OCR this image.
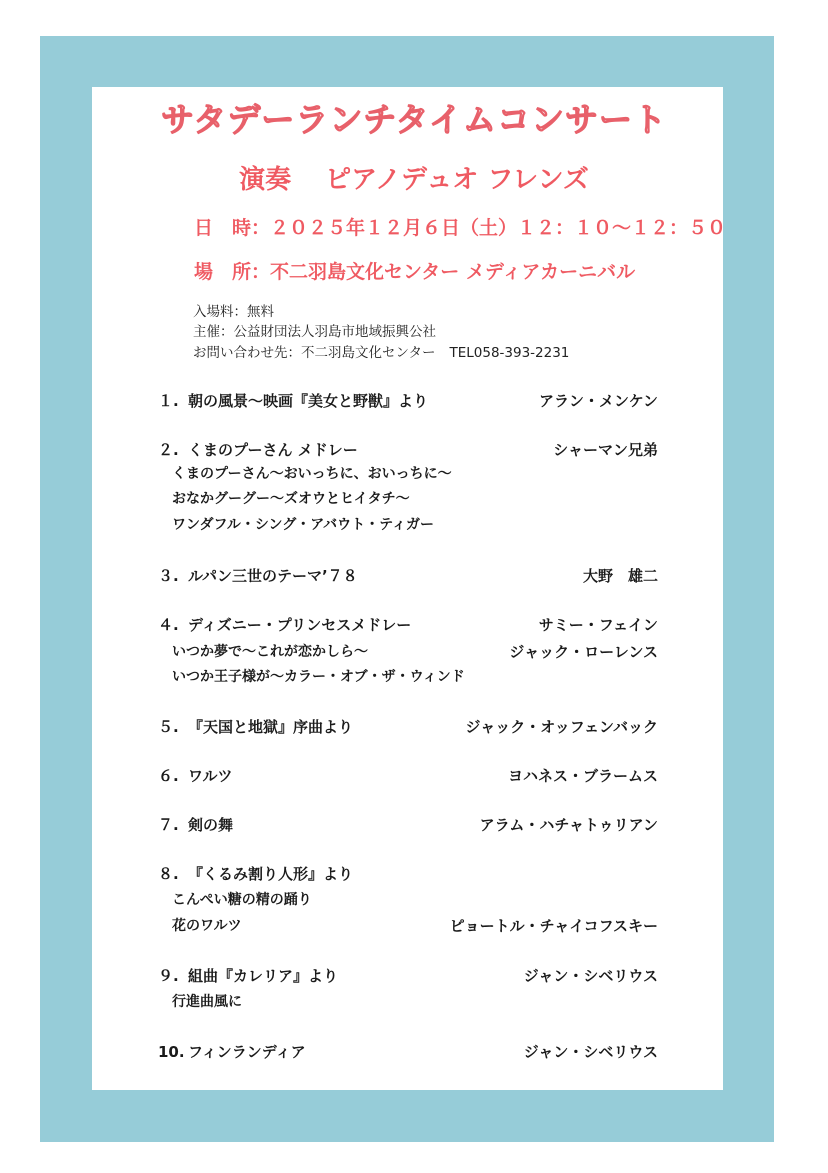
サタデーランチタイムコンサート
演奏 ピアノデュオ フレンズ
日　時：２０２５年１２月６日（土）１２：１０～１２：５０
場　所：不二羽島文化センター メディアカーニバル
入場料：無料
主催：公益財団法人羽島市地域振興公社
お問い合わせ先：不二羽島文化センター TEL058-393-2231
１. 朝の風景～映画『美女と野獣』より	アラン・メンケン
２. くまのプーさん メドレー	シャーマン兄弟
くまのプーさん～おいっちに、おいっちに～
おなかグーグー～ズオウとヒイタチ～
ワンダフル・シング・アバウト・ティガー
３. ルパン三世のテーマ’７８	大野　雄二
４. ディズニー・プリンセスメドレー	サミー・フェイン
いつか夢で～これが恋かしら～	ジャック・ローレンス
いつか王子様が～カラー・オブ・ザ・ウィンド
５. 『天国と地獄』序曲より	ジャック・オッフェンバック
６. ワルツ	ヨハネス・ブラームス
７. 剣の舞	アラム・ハチャトゥリアン
８. 『くるみ割り人形』より
こんぺい糖の精の踊り
花のワルツ	ピョートル・チャイコフスキー
９. 組曲『カレリア』より	ジャン・シベリウス
行進曲風に
10. フィンランディア	ジャン・シベリウス
